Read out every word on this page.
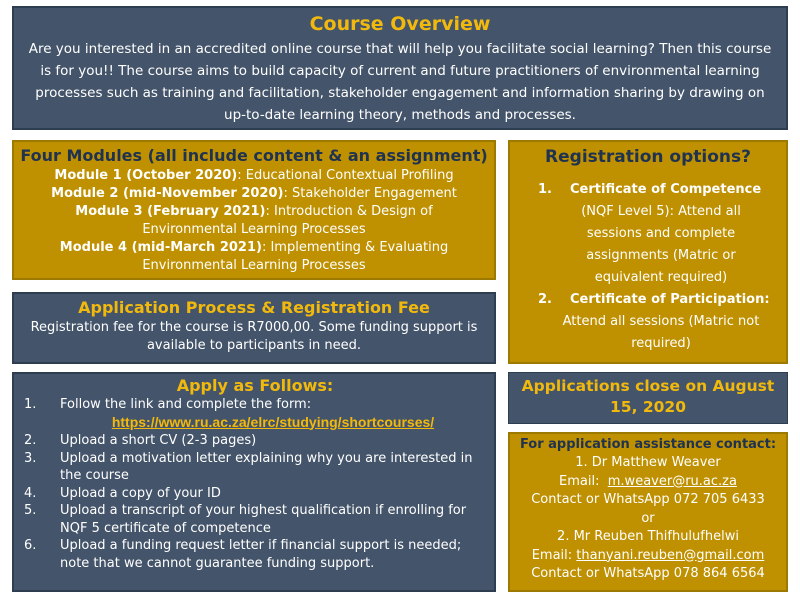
Course Overview
Are you interested in an accredited online course that will help you facilitate social learning? Then this course is for you!! The course aims to build capacity of current and future practitioners of environmental learning processes such as training and facilitation, stakeholder engagement and information sharing by drawing on up-to-date learning theory, methods and processes.
Four Modules (all include content & an assignment)
Module 1 (October 2020): Educational Contextual Profiling
Module 2 (mid-November 2020): Stakeholder Engagement
Module 3 (February 2021): Introduction & Design of Environmental Learning Processes
Module 4 (mid-March 2021): Implementing & Evaluating Environmental Learning Processes
Registration options?
1.	Certificate of Competence
(NQF Level 5): Attend all sessions and complete assignments (Matric or equivalent required)
2.	Certificate of Participation:
Attend all sessions (Matric not required)
Application Process & Registration Fee
Registration fee for the course is R7000,00. Some funding support is available to participants in need.
Apply as Follows:
1.	Follow the link and complete the form:
https://www.ru.ac.za/elrc/studying/shortcourses/
2.	Upload a short CV (2-3 pages)
3.	Upload a motivation letter explaining why you are interested in the course
4.	Upload a copy of your ID
5.	Upload a transcript of your highest qualification if enrolling for NQF 5 certificate of competence
6.	Upload a funding request letter if financial support is needed; note that we cannot guarantee funding support.
Applications close on August
15, 2020
For application assistance contact:
1. Dr Matthew Weaver
Email: m.weaver@ru.ac.za
Contact or WhatsApp 072 705 6433
or
2. Mr Reuben Thifhulufhelwi
Email: thanyani.reuben@gmail.com
Contact or WhatsApp 078 864 6564
